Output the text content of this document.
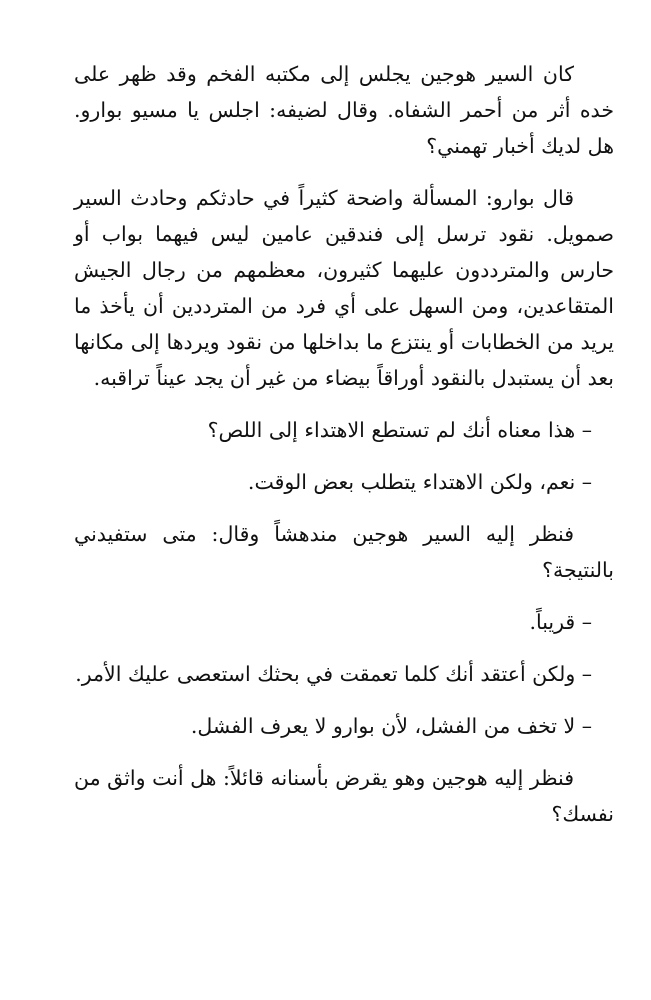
كان السير هوجين يجلس إلى مكتبه الفخم وقد ظهر على خده أثر من أحمر الشفاه. وقال لضيفه: اجلس يا مسيو بوارو. هل لديك أخبار تهمني؟

قال بوارو: المسألة واضحة كثيراً في حادثكم وحادث السير صمويل. نقود ترسل إلى فندقين عامين ليس فيهما بواب أو حارس والمترددون عليهما كثيرون، معظمهم من رجال الجيش المتقاعدين، ومن السهل على أي فرد من المترددين أن يأخذ ما يريد من الخطابات أو ينتزع ما بداخلها من نقود ويردها إلى مكانها بعد أن يستبدل بالنقود أوراقاً بيضاء من غير أن يجد عيناً تراقبه.

– هذا معناه أنك لم تستطع الاهتداء إلى اللص؟

– نعم، ولكن الاهتداء يتطلب بعض الوقت.

فنظر إليه السير هوجين مندهشاً وقال: متى ستفيدني بالنتيجة؟

– قريباً.

– ولكن أعتقد أنك كلما تعمقت في بحثك استعصى عليك الأمر.

– لا تخف من الفشل، لأن بوارو لا يعرف الفشل.

فنظر إليه هوجين وهو يقرض بأسنانه قائلاً: هل أنت واثق من نفسك؟
